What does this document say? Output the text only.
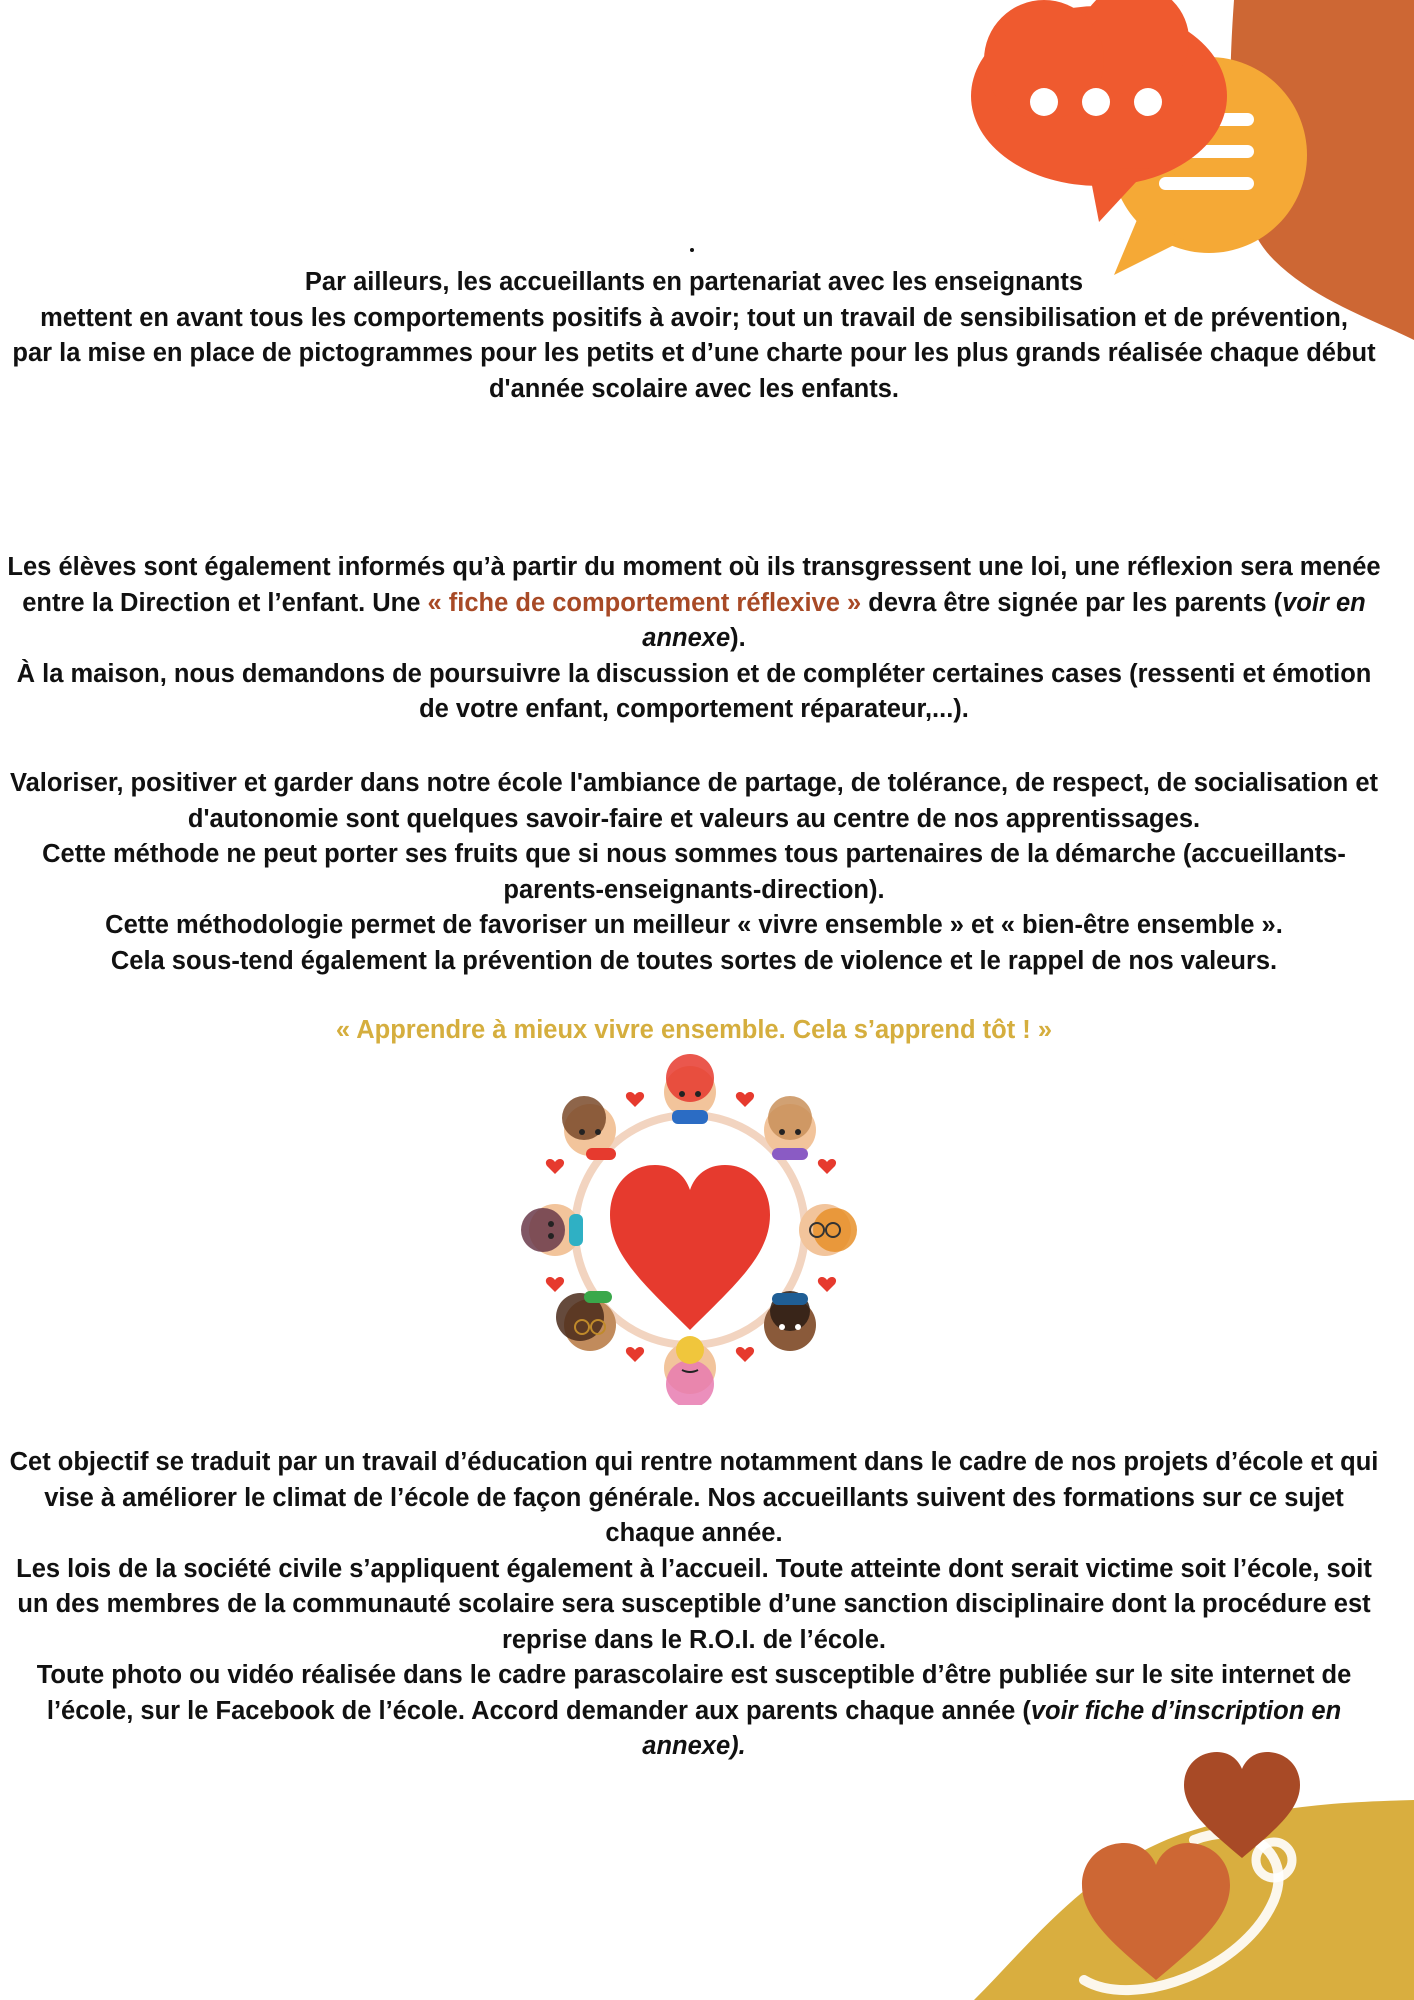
Par ailleurs, les accueillants en partenariat avec les enseignants

mettent en avant tous les comportements positifs à avoir; tout un travail de sensibilisation et de prévention,

par la mise en place de pictogrammes pour les petits et d’une charte pour les plus grands réalisée chaque début d'année scolaire avec les enfants.

Les élèves sont également informés qu’à partir du moment où ils transgressent une loi, une réflexion sera menée entre la Direction et l’enfant. Une « fiche de comportement réflexive » devra être signée par les parents (voir en annexe).

À la maison, nous demandons de poursuivre la discussion et de compléter certaines cases (ressenti et émotion de votre enfant, comportement réparateur,...).

Valoriser, positiver et garder dans notre école l'ambiance de partage, de tolérance, de respect, de socialisation et d'autonomie sont quelques savoir-faire et valeurs au centre de nos apprentissages.

Cette méthode ne peut porter ses fruits que si nous sommes tous partenaires de la démarche (accueillants-parents-enseignants-direction).

Cette méthodologie permet de favoriser un meilleur « vivre ensemble » et « bien-être ensemble ».

Cela sous-tend également la prévention de toutes sortes de violence et le rappel de nos valeurs.

« Apprendre à mieux vivre ensemble. Cela s’apprend tôt ! »

Cet objectif se traduit par un travail d’éducation qui rentre notamment dans le cadre de nos projets d’école et qui vise à améliorer le climat de l’école de façon générale. Nos accueillants suivent des formations sur ce sujet chaque année.

Les lois de la société civile s’appliquent également à l’accueil. Toute atteinte dont serait victime soit l’école, soit un des membres de la communauté scolaire sera susceptible d’une sanction disciplinaire dont la procédure est reprise dans le R.O.I. de l’école.

Toute photo ou vidéo réalisée dans le cadre parascolaire est susceptible d’être publiée sur le site internet de l’école, sur le Facebook de l’école. Accord demander aux parents chaque année (voir fiche d’inscription en annexe).
